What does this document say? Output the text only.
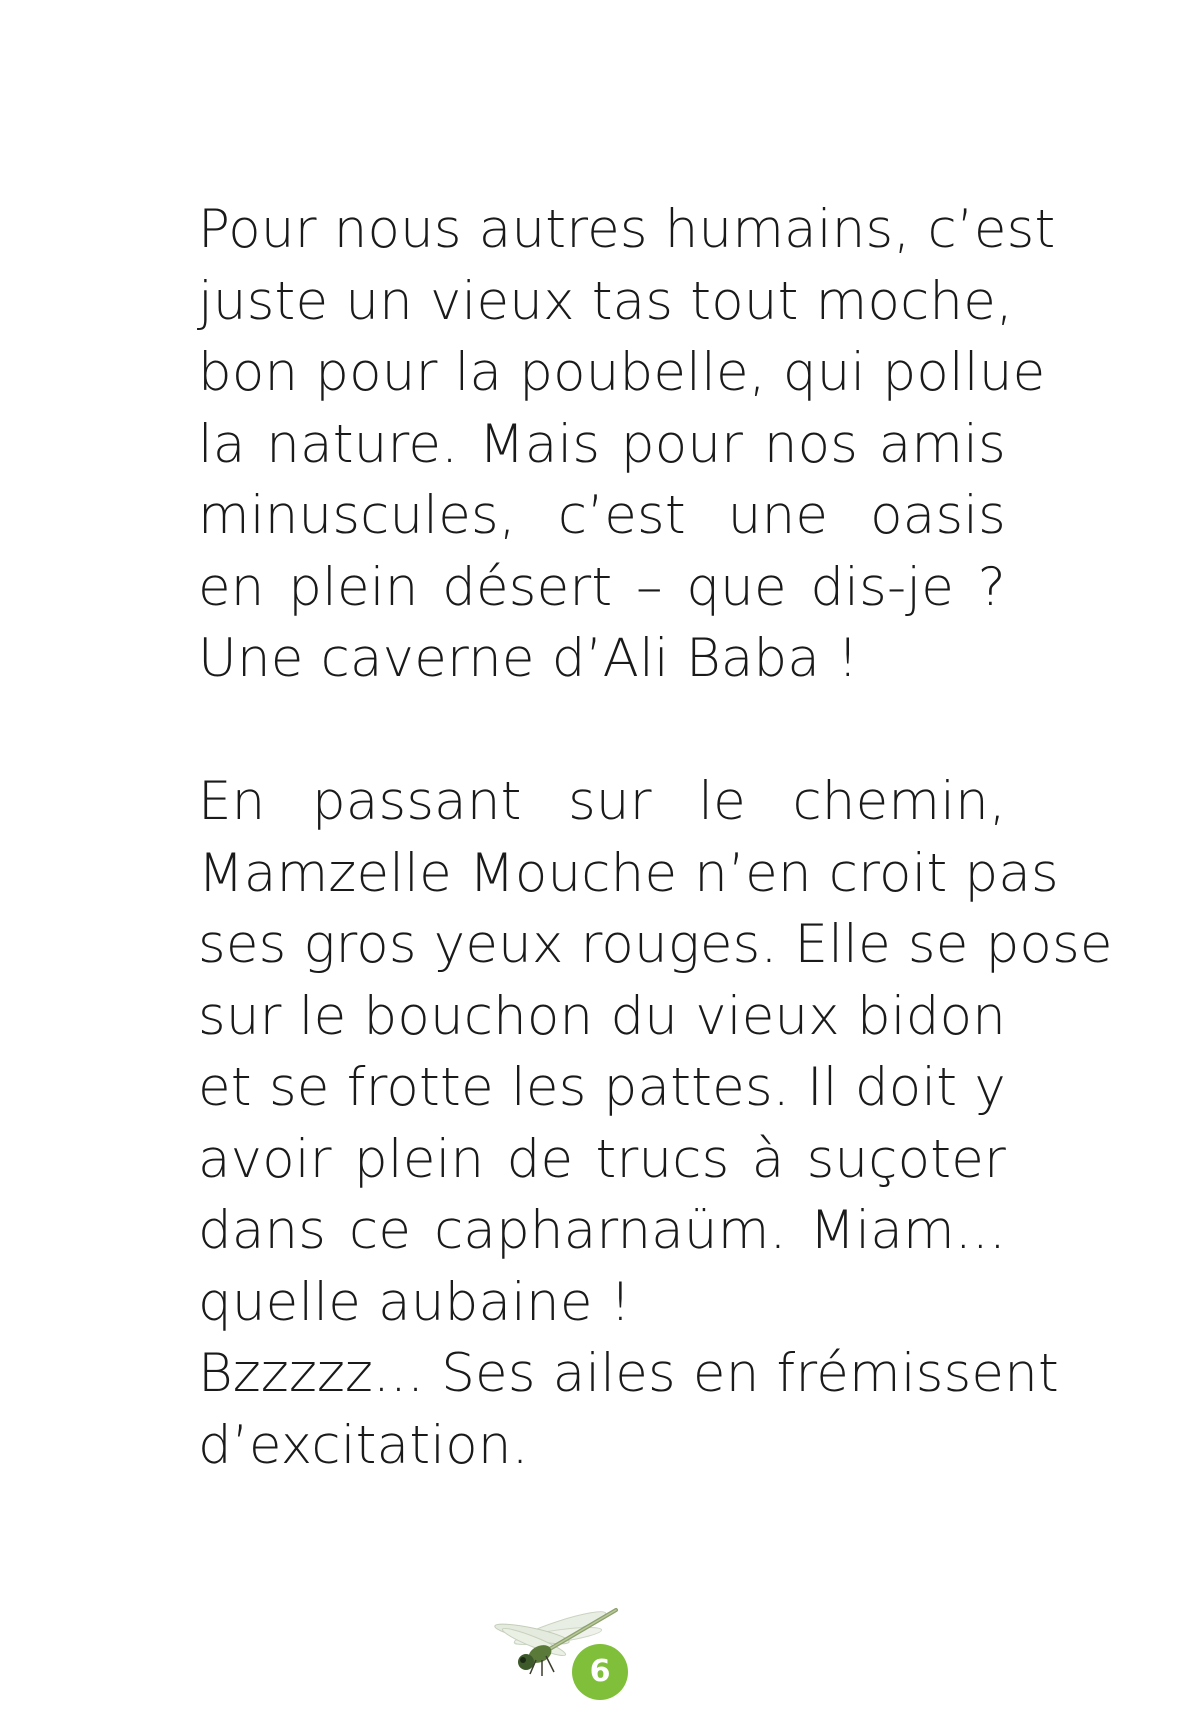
Pour nous autres humains, c’est
juste un vieux tas tout moche,
bon pour la poubelle, qui pollue
la nature. Mais pour nos amis
minuscules, c’est une oasis
en plein désert – que dis-je ?
Une caverne d’Ali Baba !
En passant sur le chemin,
Mamzelle Mouche n’en croit pas
ses gros yeux rouges. Elle se pose
sur le bouchon du vieux bidon
et se frotte les pattes. Il doit y
avoir plein de trucs à suçoter
dans ce capharnaüm. Miam...
quelle aubaine !
Bzzzzz... Ses ailes en frémissent
d’excitation.
6
